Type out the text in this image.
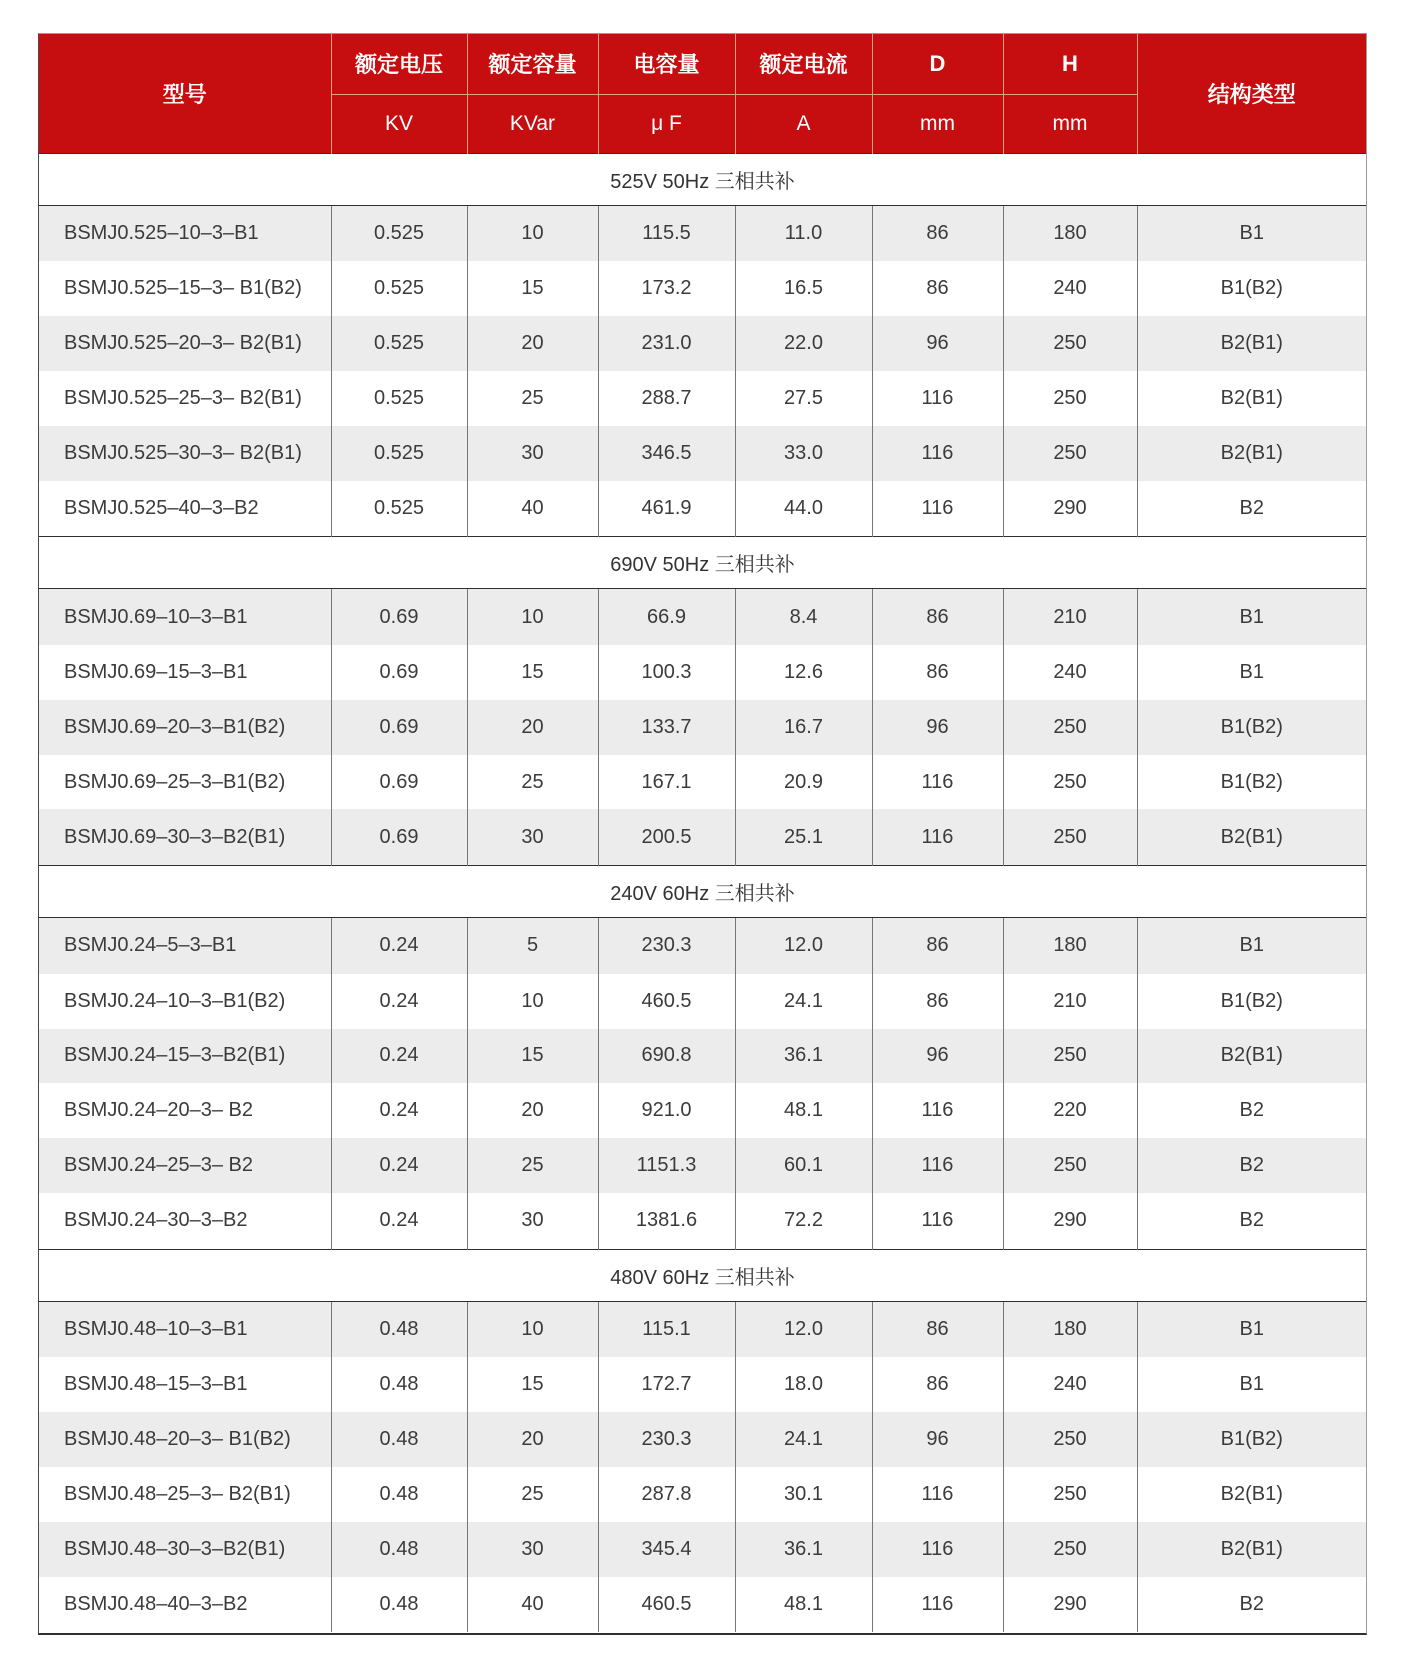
型号	额定电压	额定容量	电容量	额定电流	D	H	结构类型
	KV	KVar	μ F	A	mm	mm	
525V 50Hz 三相共补							
BSMJ0.525–10–3–B1	0.525	10	115.5	11.0	86	180	B1
BSMJ0.525–15–3– B1(B2)	0.525	15	173.2	16.5	86	240	B1(B2)
BSMJ0.525–20–3– B2(B1)	0.525	20	231.0	22.0	96	250	B2(B1)
BSMJ0.525–25–3– B2(B1)	0.525	25	288.7	27.5	116	250	B2(B1)
BSMJ0.525–30–3– B2(B1)	0.525	30	346.5	33.0	116	250	B2(B1)
BSMJ0.525–40–3–B2	0.525	40	461.9	44.0	116	290	B2
690V 50Hz 三相共补							
BSMJ0.69–10–3–B1	0.69	10	66.9	8.4	86	210	B1
BSMJ0.69–15–3–B1	0.69	15	100.3	12.6	86	240	B1
BSMJ0.69–20–3–B1(B2)	0.69	20	133.7	16.7	96	250	B1(B2)
BSMJ0.69–25–3–B1(B2)	0.69	25	167.1	20.9	116	250	B1(B2)
BSMJ0.69–30–3–B2(B1)	0.69	30	200.5	25.1	116	250	B2(B1)
240V 60Hz 三相共补							
BSMJ0.24–5–3–B1	0.24	5	230.3	12.0	86	180	B1
BSMJ0.24–10–3–B1(B2)	0.24	10	460.5	24.1	86	210	B1(B2)
BSMJ0.24–15–3–B2(B1)	0.24	15	690.8	36.1	96	250	B2(B1)
BSMJ0.24–20–3– B2	0.24	20	921.0	48.1	116	220	B2
BSMJ0.24–25–3– B2	0.24	25	1151.3	60.1	116	250	B2
BSMJ0.24–30–3–B2	0.24	30	1381.6	72.2	116	290	B2
480V 60Hz 三相共补							
BSMJ0.48–10–3–B1	0.48	10	115.1	12.0	86	180	B1
BSMJ0.48–15–3–B1	0.48	15	172.7	18.0	86	240	B1
BSMJ0.48–20–3– B1(B2)	0.48	20	230.3	24.1	96	250	B1(B2)
BSMJ0.48–25–3– B2(B1)	0.48	25	287.8	30.1	116	250	B2(B1)
BSMJ0.48–30–3–B2(B1)	0.48	30	345.4	36.1	116	250	B2(B1)
BSMJ0.48–40–3–B2	0.48	40	460.5	48.1	116	290	B2
